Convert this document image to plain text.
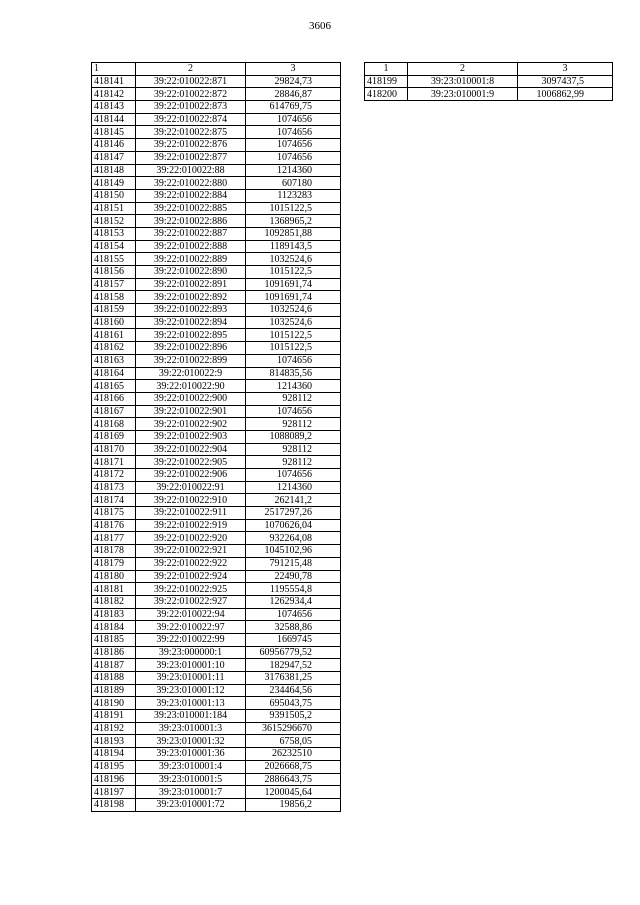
3606
1	2	3
418141	39:22:010022:871	29824,73
418142	39:22:010022:872	28846,87
418143	39:22:010022:873	614769,75
418144	39:22:010022:874	1074656
418145	39:22:010022:875	1074656
418146	39:22:010022:876	1074656
418147	39:22:010022:877	1074656
418148	39:22:010022:88	1214360
418149	39:22:010022:880	607180
418150	39:22:010022:884	1123283
418151	39:22:010022:885	1015122,5
418152	39:22:010022:886	1368965,2
418153	39:22:010022:887	1092851,88
418154	39:22:010022:888	1189143,5
418155	39:22:010022:889	1032524,6
418156	39:22:010022:890	1015122,5
418157	39:22:010022:891	1091691,74
418158	39:22:010022:892	1091691,74
418159	39:22:010022:893	1032524,6
418160	39:22:010022:894	1032524,6
418161	39:22:010022:895	1015122,5
418162	39:22:010022:896	1015122,5
418163	39:22:010022:899	1074656
418164	39:22:010022:9	814835,56
418165	39:22:010022:90	1214360
418166	39:22:010022:900	928112
418167	39:22:010022:901	1074656
418168	39:22:010022:902	928112
418169	39:22:010022:903	1088089,2
418170	39:22:010022:904	928112
418171	39:22:010022:905	928112
418172	39:22:010022:906	1074656
418173	39:22:010022:91	1214360
418174	39:22:010022:910	262141,2
418175	39:22:010022:911	2517297,26
418176	39:22:010022:919	1070626,04
418177	39:22:010022:920	932264,08
418178	39:22:010022:921	1045102,96
418179	39:22:010022:922	791215,48
418180	39:22:010022:924	22490,78
418181	39:22:010022:925	1195554,8
418182	39:22:010022:927	1262934,4
418183	39:22:010022:94	1074656
418184	39:22:010022:97	32588,86
418185	39:22:010022:99	1669745
418186	39:23:000000:1	60956779,52
418187	39:23:010001:10	182947,52
418188	39:23:010001:11	3176381,25
418189	39:23:010001:12	234464,56
418190	39:23:010001:13	695043,75
418191	39:23:010001:184	9391505,2
418192	39:23:010001:3	3615296670
418193	39:23:010001:32	6758,05
418194	39:23:010001:36	26232510
418195	39:23:010001:4	2026668,75
418196	39:23:010001:5	2886643,75
418197	39:23:010001:7	1200045,64
418198	39:23:010001:72	19856,2
1	2	3
418199	39:23:010001:8	3097437,5
418200	39:23:010001:9	1006862,99
